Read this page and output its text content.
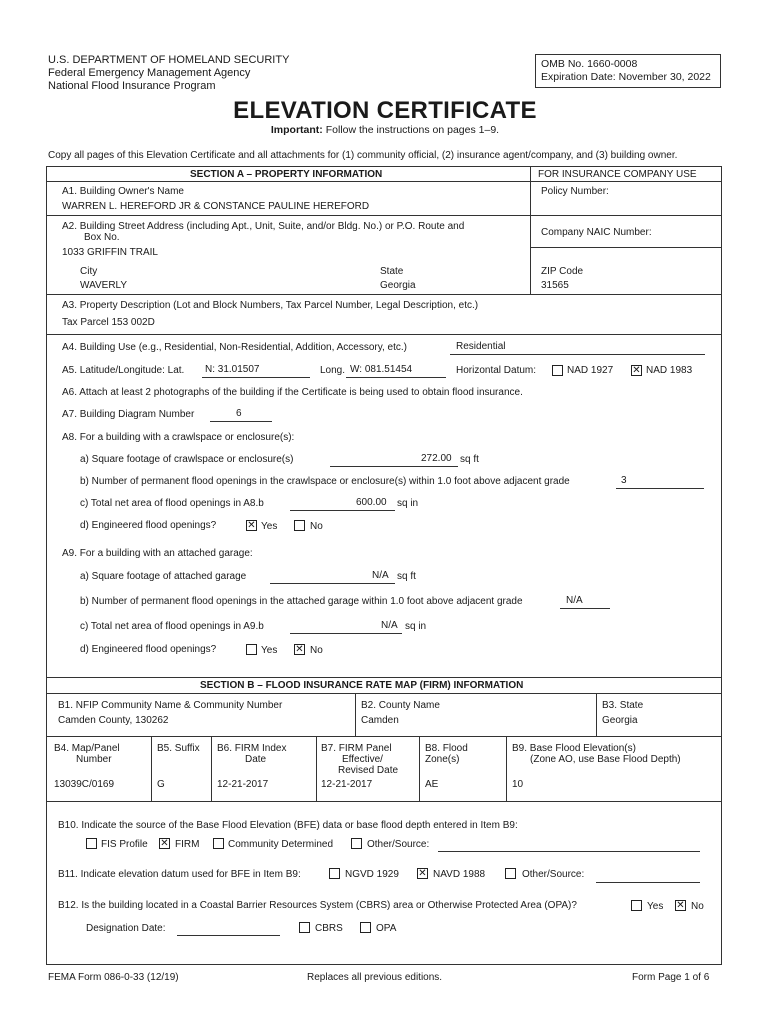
U.S. DEPARTMENT OF HOMELAND SECURITY
Federal Emergency Management Agency
National Flood Insurance Program
OMB No. 1660-0008
Expiration Date: November 30, 2022
ELEVATION CERTIFICATE
Important: Follow the instructions on pages 1–9.
Copy all pages of this Elevation Certificate and all attachments for (1) community official, (2) insurance agent/company, and (3) building owner.
SECTION A – PROPERTY INFORMATION	FOR INSURANCE COMPANY USE
A1. Building Owner's Name
WARREN L. HEREFORD JR & CONSTANCE PAULINE HEREFORD
Policy Number:
A2. Building Street Address (including Apt., Unit, Suite, and/or Bldg. No.) or P.O. Route and
Box No.
1033 GRIFFIN TRAIL
Company NAIC Number:
City
WAVERLY
State
Georgia
ZIP Code
31565
A3. Property Description (Lot and Block Numbers, Tax Parcel Number, Legal Description, etc.)
Tax Parcel 153 002D
A4. Building Use (e.g., Residential, Non-Residential, Addition, Accessory, etc.)	Residential
A5. Latitude/Longitude: Lat. N: 31.01507	Long. W: 081.51454	Horizontal Datum:	NAD 1927 ✕ NAD 1983
A6. Attach at least 2 photographs of the building if the Certificate is being used to obtain flood insurance.
A7. Building Diagram Number	6
A8. For a building with a crawlspace or enclosure(s):
a) Square footage of crawlspace or enclosure(s)	272.00 sq ft
b) Number of permanent flood openings in the crawlspace or enclosure(s) within 1.0 foot above adjacent grade	3
c) Total net area of flood openings in A8.b	600.00 sq in
d) Engineered flood openings?	✕ Yes	No
A9. For a building with an attached garage:
a) Square footage of attached garage	N/A sq ft
b) Number of permanent flood openings in the attached garage within 1.0 foot above adjacent grade	N/A
c) Total net area of flood openings in A9.b	N/A sq in
d) Engineered flood openings?	Yes ✕ No
SECTION B – FLOOD INSURANCE RATE MAP (FIRM) INFORMATION
B1. NFIP Community Name & Community Number
Camden County, 130262
B2. County Name
Camden
B3. State
Georgia
B4. Map/Panel
Number
13039C/0169
B5. Suffix
G
B6. FIRM Index
Date
12-21-2017
B7. FIRM Panel
Effective/
Revised Date
12-21-2017
B8. Flood
Zone(s)
AE
B9. Base Flood Elevation(s)
(Zone AO, use Base Flood Depth)
10
B10. Indicate the source of the Base Flood Elevation (BFE) data or base flood depth entered in Item B9:
FIS Profile ✕ FIRM	Community Determined	Other/Source:
B11. Indicate elevation datum used for BFE in Item B9:	NGVD 1929 ✕ NAVD 1988	Other/Source:
B12. Is the building located in a Coastal Barrier Resources System (CBRS) area or Otherwise Protected Area (OPA)?	Yes ✕ No
Designation Date:	CBRS	OPA
FEMA Form 086-0-33 (12/19)	Replaces all previous editions.	Form Page 1 of 6
